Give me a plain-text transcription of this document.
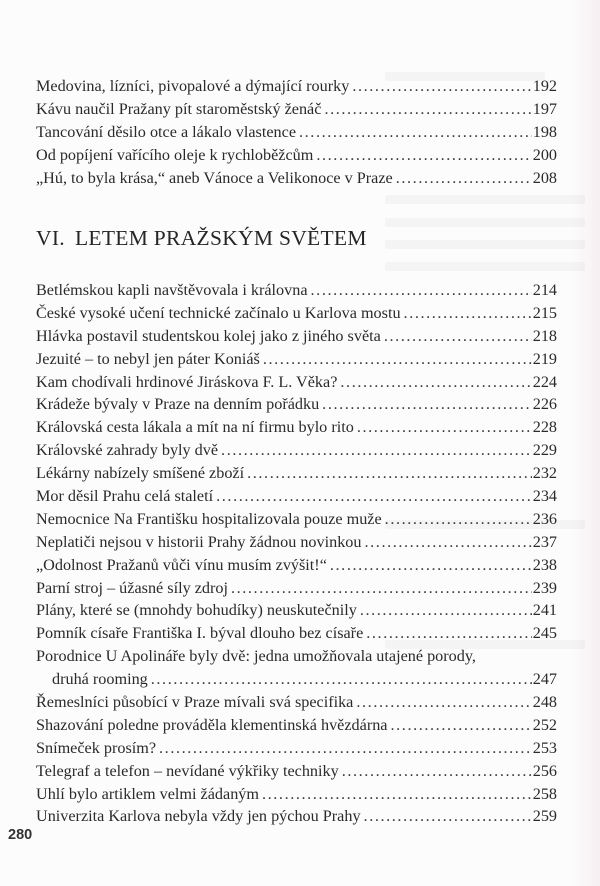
Medovina, lízníci, pivopalové a dýmající rourky .....	192
Kávu naučil Pražany pít staroměstský ženáč .....	197
Tancování děsilo otce a lákalo vlastence .....	198
Od popíjení vařícího oleje k rychloběžcům .....	200
„Hú, to byla krása,“ aneb Vánoce a Velikonoce v Praze .....	208
VI. LETEM PRAŽSKÝM SVĚTEM
Betlémskou kapli navštěvovala i královna .....	214
České vysoké učení technické začínalo u Karlova mostu .....	215
Hlávka postavil studentskou kolej jako z jiného světa .....	218
Jezuité – to nebyl jen páter Koniáš .....	219
Kam chodívali hrdinové Jiráskova F. L. Věka? .....	224
Krádeže bývaly v Praze na denním pořádku .....	226
Královská cesta lákala a mít na ní firmu bylo rito .....	228
Královské zahrady byly dvě .....	229
Lékárny nabízely smíšené zboží .....	232
Mor děsil Prahu celá staletí .....	234
Nemocnice Na Františku hospitalizovala pouze muže .....	236
Neplatiči nejsou v historii Prahy žádnou novinkou .....	237
„Odolnost Pražanů vůči vínu musím zvýšit!“ .....	238
Parní stroj – úžasné síly zdroj .....	239
Plány, které se (mnohdy bohudíky) neuskutečnily .....	241
Pomník císaře Františka I. býval dlouho bez císaře .....	245
Porodnice U Apolináře byly dvě: jedna umožňovala utajené porody,
druhá rooming .....	247
Řemeslníci působící v Praze mívali svá specifika .....	248
Shazování poledne prováděla klementinská hvězdárna .....	252
Snímeček prosím? .....	253
Telegraf a telefon – nevídané výkřiky techniky .....	256
Uhlí bylo artiklem velmi žádaným .....	258
Univerzita Karlova nebyla vždy jen pýchou Prahy .....	259
280
